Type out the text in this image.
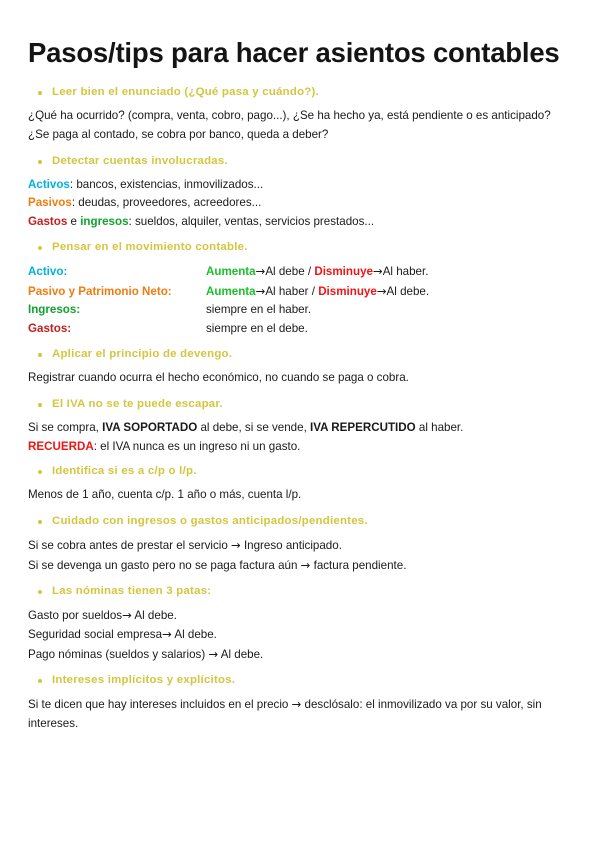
Pasos/tips para hacer asientos contables
Leer bien el enunciado (¿Qué pasa y cuándo?).

¿Qué ha ocurrido? (compra, venta, cobro, pago...), ¿Se ha hecho ya, está pendiente o es anticipado?¿Se paga al contado, se cobra por banco, queda a deber?

Detectar cuentas involucradas.

Activos: bancos, existencias, inmovilizados...

Pasivos: deudas, proveedores, acreedores...

Gastos e ingresos: sueldos, alquiler, ventas, servicios prestados...

Pensar en el movimiento contable.
Activo:	Aumenta→Al debe / Disminuye→Al haber.
Pasivo y Patrimonio Neto:	Aumenta→Al haber / Disminuye→Al debe.
Ingresos:	siempre en el haber.
Gastos:	siempre en el debe.
Aplicar el principio de devengo.

Registrar cuando ocurra el hecho económico, no cuando se paga o cobra.

El IVA no se te puede escapar.

Si se compra, IVA SOPORTADO al debe, si se vende, IVA REPERCUTIDO al haber.

RECUERDA: el IVA nunca es un ingreso ni un gasto.

Identifica si es a c/p o l/p.

Menos de 1 año, cuenta c/p. 1 año o más, cuenta l/p.

Cuidado con ingresos o gastos anticipados/pendientes.

Si se cobra antes de prestar el servicio → Ingreso anticipado.

Si se devenga un gasto pero no se paga factura aún → factura pendiente.

Las nóminas tienen 3 patas:

Gasto por sueldos→ Al debe.

Seguridad social empresa→ Al debe.

Pago nóminas (sueldos y salarios) → Al debe.

Intereses implícitos y explícitos.

Si te dicen que hay intereses incluidos en el precio → desclósalo: el inmovilizado va por su valor, sin intereses.
